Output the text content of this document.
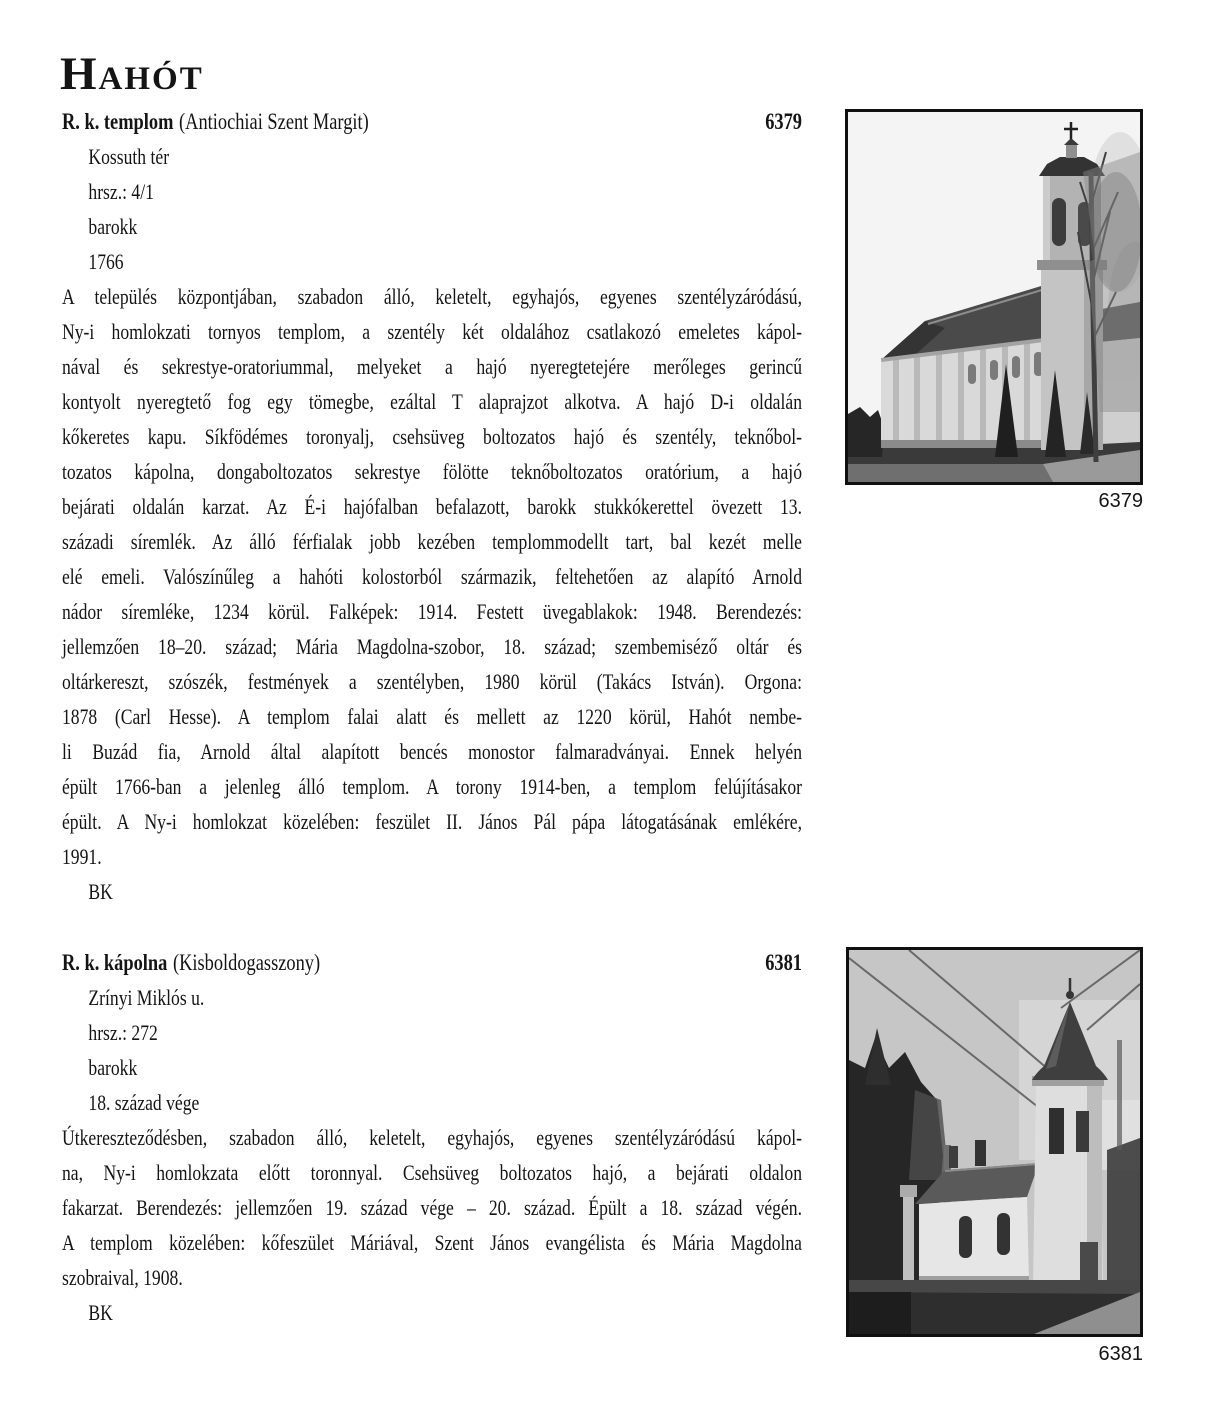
Hahót
R. k. templom (Antiochiai Szent Margit)	6379
Kossuth tér
hrsz.: 4/1
barokk
1766
A település központjában, szabadon álló, keletelt, egyhajós, egyenes szentélyzáródású,
Ny-i homlokzati tornyos templom, a szentély két oldalához csatlakozó emeletes kápol-
nával és sekrestye-oratoriummal, melyeket a hajó nyeregtetejére merőleges gerincű
kontyolt nyeregtető fog egy tömegbe, ezáltal T alaprajzot alkotva. A hajó D-i oldalán
kőkeretes kapu. Síkfödémes toronyalj, csehsüveg boltozatos hajó és szentély, teknőbol-
tozatos kápolna, dongaboltozatos sekrestye fölötte teknőboltozatos oratórium, a hajó
bejárati oldalán karzat. Az É-i hajófalban befalazott, barokk stukkókerettel övezett 13.
századi síremlék. Az álló férfialak jobb kezében templommodellt tart, bal kezét melle
elé emeli. Valószínűleg a hahóti kolostorból származik, feltehetően az alapító Arnold
nádor síremléke, 1234 körül. Falképek: 1914. Festett üvegablakok: 1948. Berendezés:
jellemzően 18–20. század; Mária Magdolna-szobor, 18. század; szembemiséző oltár és
oltárkereszt, szószék, festmények a szentélyben, 1980 körül (Takács István). Orgona:
1878 (Carl Hesse). A templom falai alatt és mellett az 1220 körül, Hahót nembe-
li Buzád fia, Arnold által alapított bencés monostor falmaradványai. Ennek helyén
épült 1766-ban a jelenleg álló templom. A torony 1914-ben, a templom felújításakor
épült. A Ny-i homlokzat közelében: feszület II. János Pál pápa látogatásának emlékére,
1991.
BK
6379
R. k. kápolna (Kisboldogasszony)	6381
Zrínyi Miklós u.
hrsz.: 272
barokk
18. század vége
Útkereszteződésben, szabadon álló, keletelt, egyhajós, egyenes szentélyzáródású kápol-
na, Ny-i homlokzata előtt toronnyal. Csehsüveg boltozatos hajó, a bejárati oldalon
fakarzat. Berendezés: jellemzően 19. század vége – 20. század. Épült a 18. század végén.
A templom közelében: kőfeszület Máriával, Szent János evangélista és Mária Magdolna
szobraival, 1908.
BK
6381
